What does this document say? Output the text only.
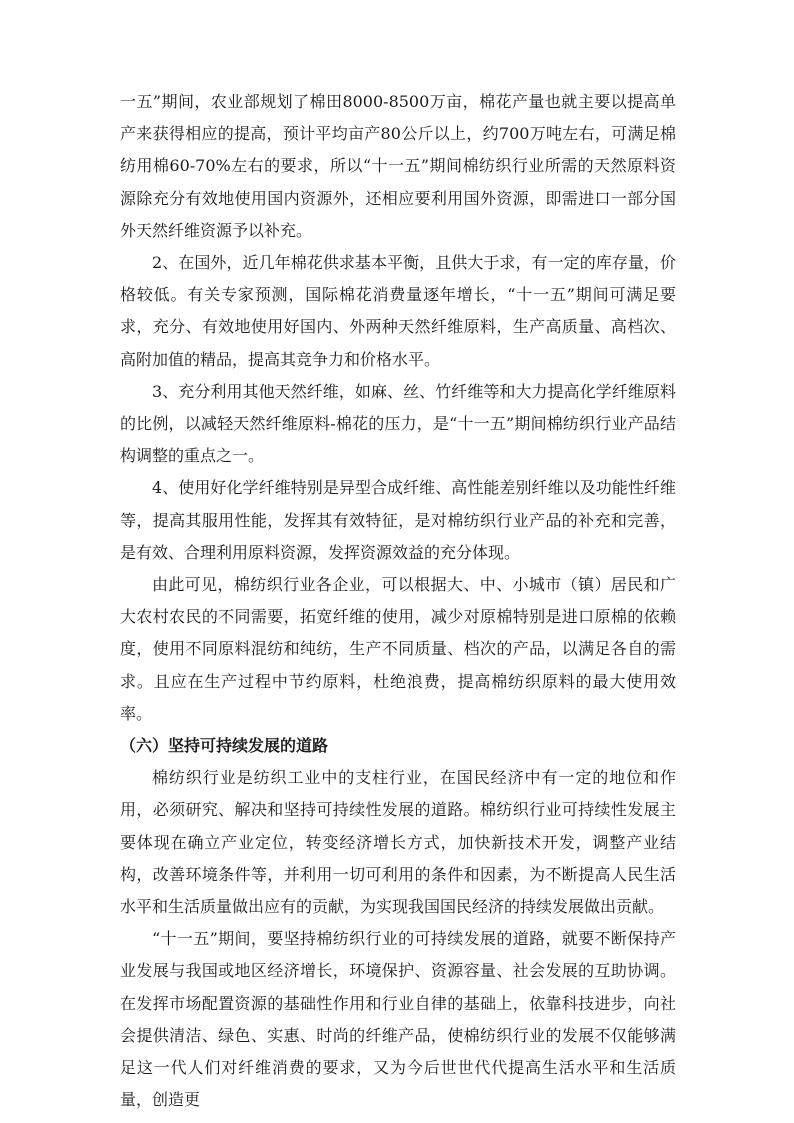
一五”期间，农业部规划了棉田8000-8500万亩，棉花产量也就主要以提高单产来获得相应的提高，预计平均亩产80公斤以上，约700万吨左右，可满足棉纺用棉60-70%左右的要求，所以“十一五”期间棉纺织行业所需的天然原料资源除充分有效地使用国内资源外，还相应要利用国外资源，即需进口一部分国外天然纤维资源予以补充。

2、在国外，近几年棉花供求基本平衡，且供大于求，有一定的库存量，价格较低。有关专家预测，国际棉花消费量逐年增长，“十一五”期间可满足要求，充分、有效地使用好国内、外两种天然纤维原料，生产高质量、高档次、高附加值的精品，提高其竞争力和价格水平。

3、充分利用其他天然纤维，如麻、丝、竹纤维等和大力提高化学纤维原料的比例，以减轻天然纤维原料-棉花的压力，是“十一五”期间棉纺织行业产品结构调整的重点之一。

4、使用好化学纤维特别是异型合成纤维、高性能差别纤维以及功能性纤维等，提高其服用性能，发挥其有效特征，是对棉纺织行业产品的补充和完善，是有效、合理利用原料资源，发挥资源效益的充分体现。

由此可见，棉纺织行业各企业，可以根据大、中、小城市（镇）居民和广大农村农民的不同需要，拓宽纤维的使用，减少对原棉特别是进口原棉的依赖度，使用不同原料混纺和纯纺，生产不同质量、档次的产品，以满足各自的需求。且应在生产过程中节约原料，杜绝浪费，提高棉纺织原料的最大使用效率。

（六）坚持可持续发展的道路

棉纺织行业是纺织工业中的支柱行业，在国民经济中有一定的地位和作用，必须研究、解决和坚持可持续性发展的道路。棉纺织行业可持续性发展主要体现在确立产业定位，转变经济增长方式，加快新技术开发，调整产业结构，改善环境条件等，并利用一切可利用的条件和因素，为不断提高人民生活水平和生活质量做出应有的贡献，为实现我国国民经济的持续发展做出贡献。

“十一五”期间，要坚持棉纺织行业的可持续发展的道路，就要不断保持产业发展与我国或地区经济增长，环境保护、资源容量、社会发展的互助协调。在发挥市场配置资源的基础性作用和行业自律的基础上，依靠科技进步，向社会提供清洁、绿色、实惠、时尚的纤维产品，使棉纺织行业的发展不仅能够满足这一代人们对纤维消费的要求，又为今后世世代代提高生活水平和生活质量，创造更
